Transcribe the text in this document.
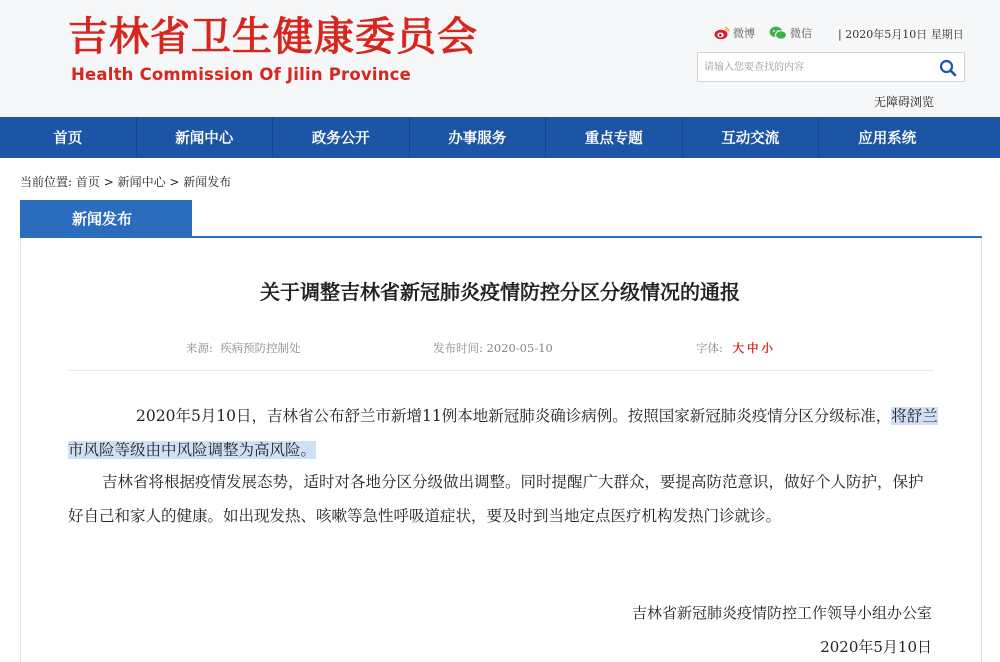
吉林省卫生健康委员会
Health Commission Of Jilin Province
微博	微信 | 2020年5月10日 星期日
请输入您要查找的内容
无障碍浏览
首页	新闻中心	政务公开	办事服务	重点专题	互动交流	应用系统
当前位置: 首页 > 新闻中心 > 新闻发布
新闻发布
关于调整吉林省新冠肺炎疫情防控分区分级情况的通报
来源: 疾病预防控制处	发布时间: 2020-05-10	字体: 大 中 小
2020年5月10日，吉林省公布舒兰市新增11例本地新冠肺炎确诊病例。按照国家新冠肺炎疫情分区分级标准，将舒兰市风险等级由中风险调整为高风险。
吉林省将根据疫情发展态势，适时对各地分区分级做出调整。同时提醒广大群众，要提高防范意识，做好个人防护，保护好自己和家人的健康。如出现发热、咳嗽等急性呼吸道症状，要及时到当地定点医疗机构发热门诊就诊。
吉林省新冠肺炎疫情防控工作领导小组办公室
2020年5月10日
